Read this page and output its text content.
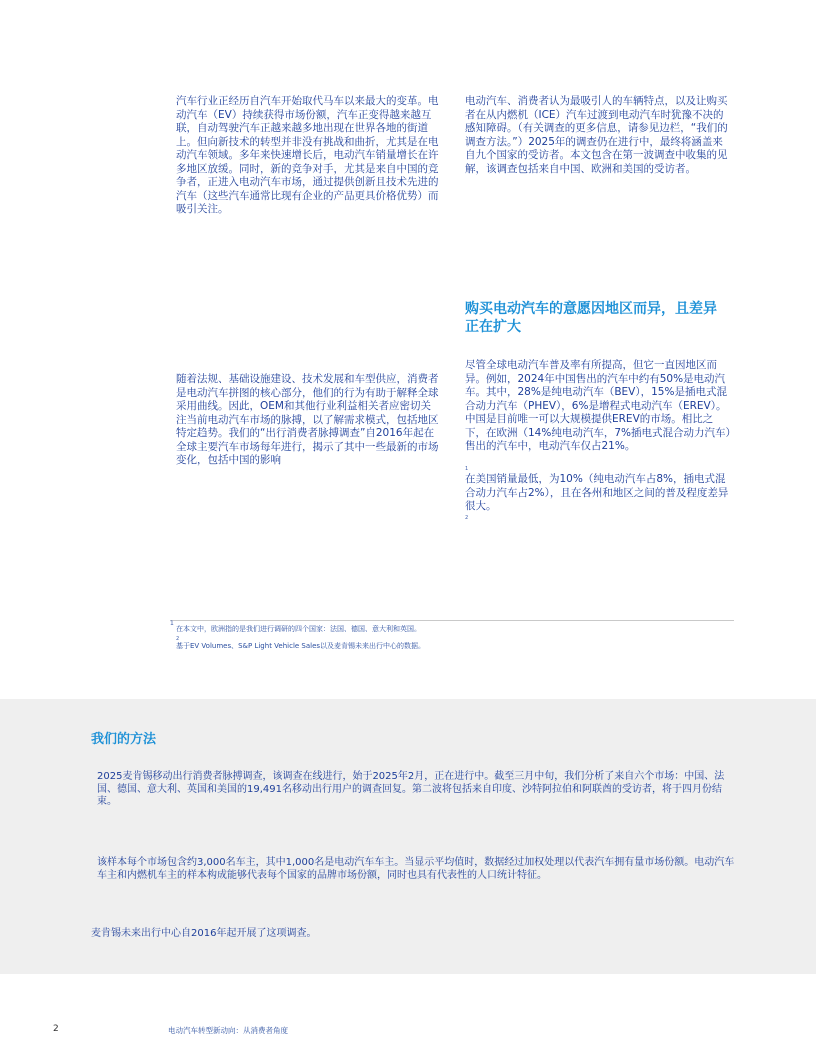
汽车行业正经历自汽车开始取代马车以来最大的变革。电动汽车（EV）持续获得市场份额，汽车正变得越来越互联，自动驾驶汽车正越来越多地出现在世界各地的街道上。但向新技术的转型并非没有挑战和曲折，尤其是在电动汽车领域。多年来快速增长后，电动汽车销量增长在许多地区放缓。同时，新的竞争对手，尤其是来自中国的竞争者，正进入电动汽车市场，通过提供创新且技术先进的汽车（这些汽车通常比现有企业的产品更具价格优势）而吸引关注。

电动汽车、消费者认为最吸引人的车辆特点，以及让购买者在从内燃机（ICE）汽车过渡到电动汽车时犹豫不决的感知障碍。（有关调查的更多信息，请参见边栏，“我们的调查方法。”）2025年的调查仍在进行中，最终将涵盖来自九个国家的受访者。本文包含在第一波调查中收集的见解，该调查包括来自中国、欧洲和美国的受访者。

购买电动汽车的意愿因地区而异，且差异正在扩大

随着法规、基础设施建设、技术发展和车型供应，消费者是电动汽车拼图的核心部分，他们的行为有助于解释全球采用曲线。因此，OEM和其他行业利益相关者应密切关注当前电动汽车市场的脉搏，以了解需求模式，包括地区特定趋势。我们的“出行消费者脉搏调查”自2016年起在全球主要汽车市场每年进行，揭示了其中一些最新的市场变化，包括中国的影响

尽管全球电动汽车普及率有所提高，但它一直因地区而异。例如，2024年中国售出的汽车中约有50%是电动汽车。其中，28%是纯电动汽车（BEV），15%是插电式混合动力汽车（PHEV），6%是增程式电动汽车（EREV）。中国是目前唯一可以大规模提供EREV的市场。相比之下，在欧洲（14%纯电动汽车，7%插电式混合动力汽车）售出的汽车中，电动汽车仅占21%。

1

在美国销量最低，为10%（纯电动汽车占8%，插电式混合动力汽车占2%），且在各州和地区之间的普及程度差异很大。

2
1
在本文中，欧洲指的是我们进行调研的四个国家：法国、德国、意大利和英国。
2
基于EV Volumes、S&P Light Vehicle Sales以及麦肯锡未来出行中心的数据。
我们的方法

2025麦肯锡移动出行消费者脉搏调查，该调查在线进行，始于2025年2月，正在进行中。截至三月中旬，我们分析了来自六个市场：中国、法国、德国、意大利、英国和美国的19,491名移动出行用户的调查回复。第二波将包括来自印度、沙特阿拉伯和阿联酋的受访者，将于四月份结束。

该样本每个市场包含约3,000名车主，其中1,000名是电动汽车车主。当显示平均值时，数据经过加权处理以代表汽车拥有量市场份额。电动汽车车主和内燃机车主的样本构成能够代表每个国家的品牌市场份额，同时也具有代表性的人口统计特征。

麦肯锡未来出行中心自2016年起开展了这项调查。

2	电动汽车转型新动向：从消费者角度
